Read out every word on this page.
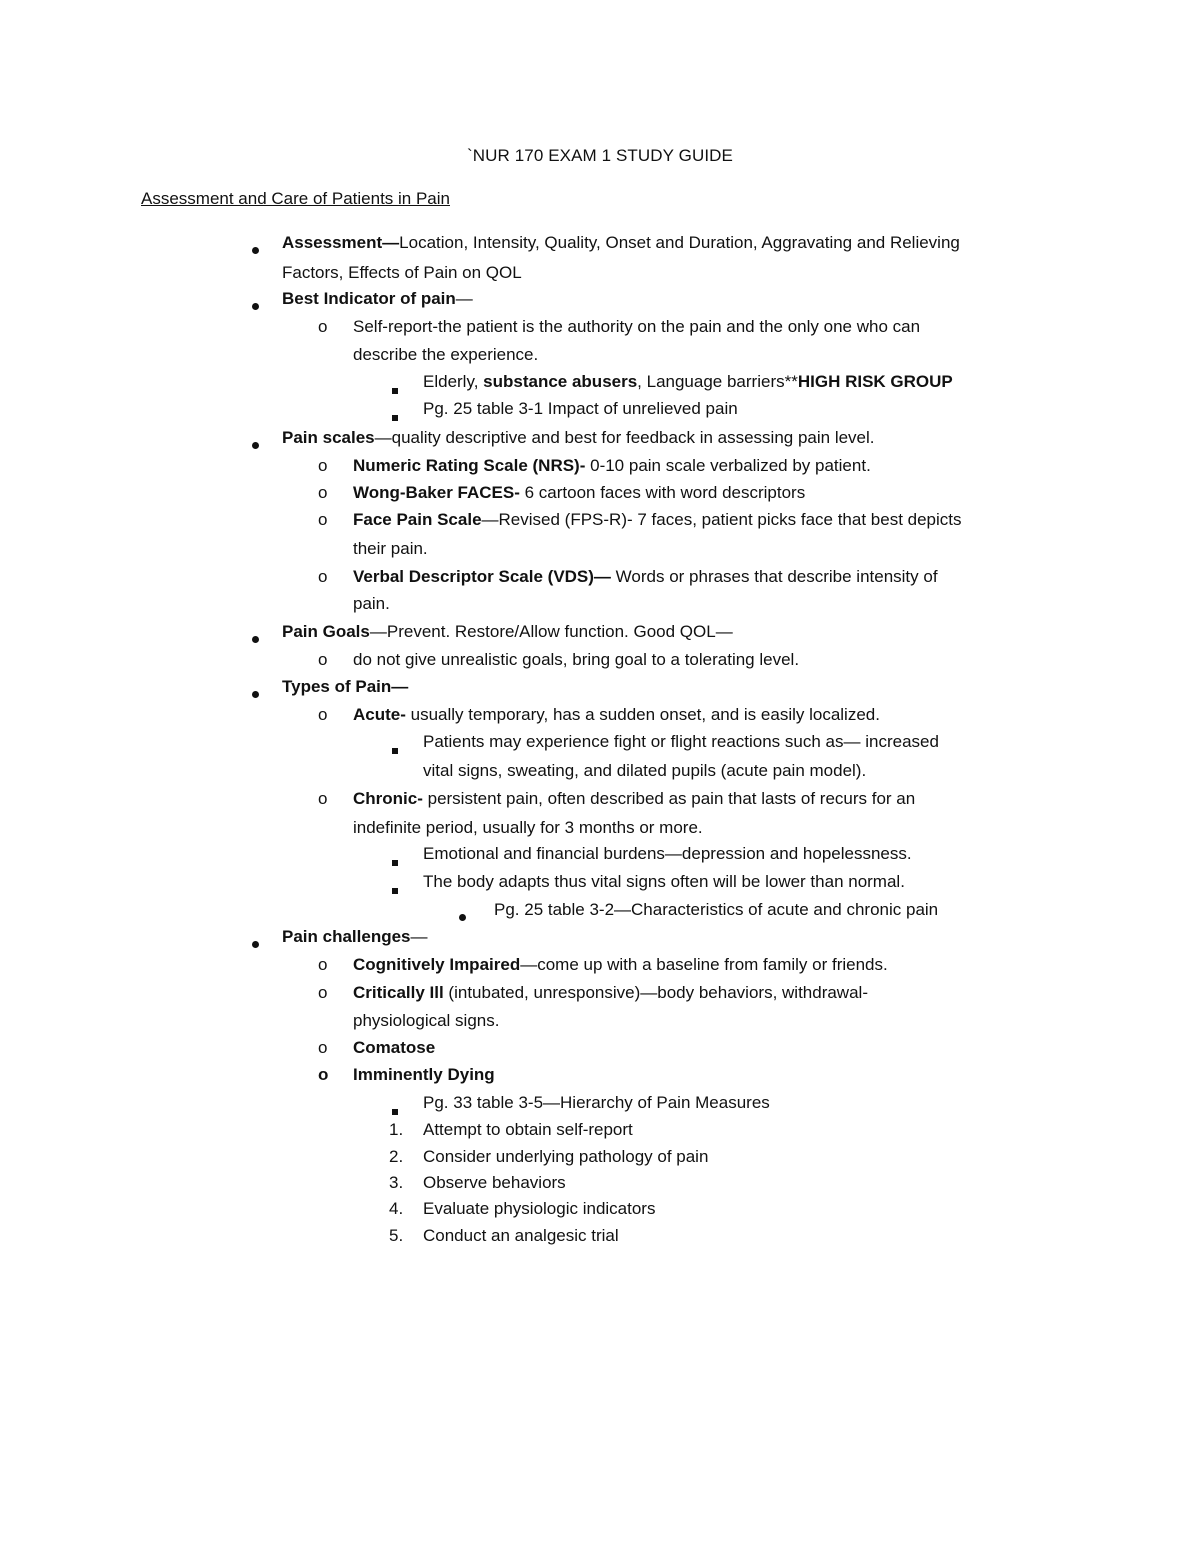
`NUR 170 EXAM 1 STUDY GUIDE
Assessment and Care of Patients in Pain
Assessment—Location, Intensity, Quality, Onset and Duration, Aggravating and Relieving
Factors, Effects of Pain on QOL
Best Indicator of pain—
o Self-report-the patient is the authority on the pain and the only one who can
describe the experience.
Elderly, substance abusers, Language barriers**HIGH RISK GROUP
Pg. 25 table 3-1 Impact of unrelieved pain
Pain scales—quality descriptive and best for feedback in assessing pain level.
o Numeric Rating Scale (NRS)- 0-10 pain scale verbalized by patient.
o Wong-Baker FACES- 6 cartoon faces with word descriptors
o Face Pain Scale—Revised (FPS-R)- 7 faces, patient picks face that best depicts
their pain.
o Verbal Descriptor Scale (VDS)— Words or phrases that describe intensity of
pain.
Pain Goals—Prevent. Restore/Allow function. Good QOL—
o do not give unrealistic goals, bring goal to a tolerating level.
Types of Pain—
o Acute- usually temporary, has a sudden onset, and is easily localized.
Patients may experience fight or flight reactions such as— increased
vital signs, sweating, and dilated pupils (acute pain model).
o Chronic- persistent pain, often described as pain that lasts of recurs for an
indefinite period, usually for 3 months or more.
Emotional and financial burdens—depression and hopelessness.
The body adapts thus vital signs often will be lower than normal.
Pg. 25 table 3-2—Characteristics of acute and chronic pain
Pain challenges—
o Cognitively Impaired—come up with a baseline from family or friends.
o Critically Ill (intubated, unresponsive)—body behaviors, withdrawal-
physiological signs.
o Comatose
o Imminently Dying
Pg. 33 table 3-5—Hierarchy of Pain Measures
1. Attempt to obtain self-report
2. Consider underlying pathology of pain
3. Observe behaviors
4. Evaluate physiologic indicators
5. Conduct an analgesic trial
